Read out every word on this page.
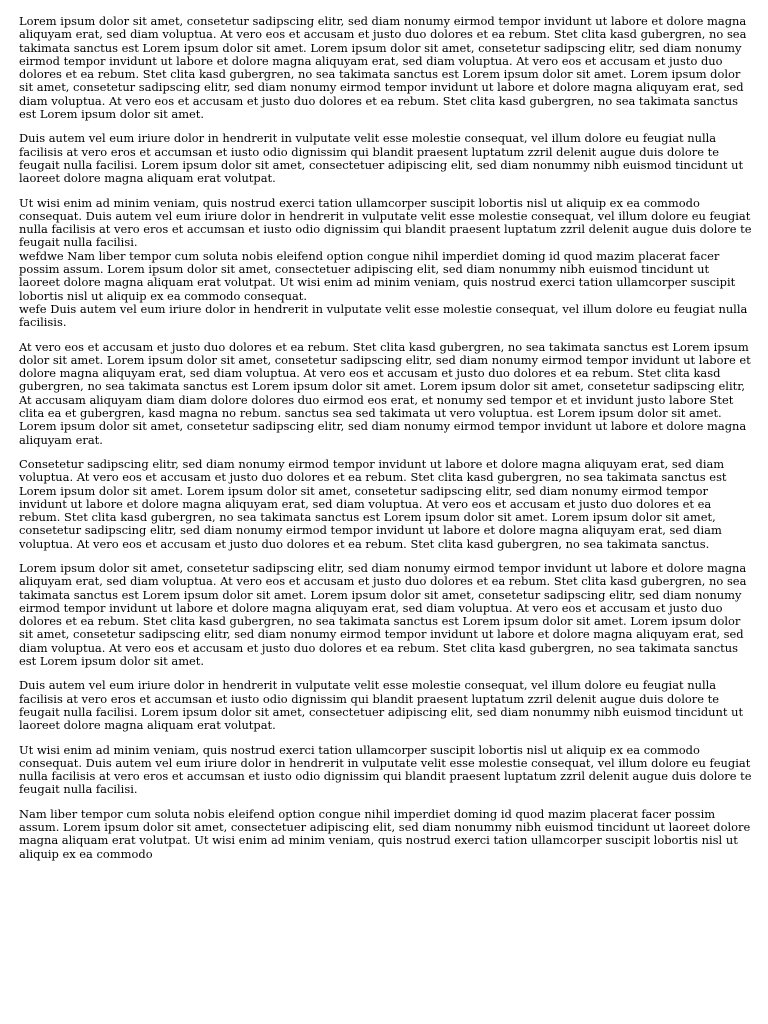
Lorem ipsum dolor sit amet, consetetur sadipscing elitr, sed diam nonumy eirmod tempor invidunt ut labore et dolore magna aliquyam erat, sed diam voluptua. At vero eos et accusam et justo duo dolores et ea rebum. Stet clita kasd gubergren, no sea takimata sanctus est Lorem ipsum dolor sit amet. Lorem ipsum dolor sit amet, consetetur sadipscing elitr, sed diam nonumy eirmod tempor invidunt ut labore et dolore magna aliquyam erat, sed diam voluptua. At vero eos et accusam et justo duo dolores et ea rebum. Stet clita kasd gubergren, no sea takimata sanctus est Lorem ipsum dolor sit amet. Lorem ipsum dolor sit amet, consetetur sadipscing elitr, sed diam nonumy eirmod tempor invidunt ut labore et dolore magna aliquyam erat, sed diam voluptua. At vero eos et accusam et justo duo dolores et ea rebum. Stet clita kasd gubergren, no sea takimata sanctus est Lorem ipsum dolor sit amet.

Duis autem vel eum iriure dolor in hendrerit in vulputate velit esse molestie consequat, vel illum dolore eu feugiat nulla facilisis at vero eros et accumsan et iusto odio dignissim qui blandit praesent luptatum zzril delenit augue duis dolore te feugait nulla facilisi. Lorem ipsum dolor sit amet, consectetuer adipiscing elit, sed diam nonummy nibh euismod tincidunt ut laoreet dolore magna aliquam erat volutpat.

Ut wisi enim ad minim veniam, quis nostrud exerci tation ullamcorper suscipit lobortis nisl ut aliquip ex ea commodo consequat. Duis autem vel eum iriure dolor in hendrerit in vulputate velit esse molestie consequat, vel illum dolore eu feugiat nulla facilisis at vero eros et accumsan et iusto odio dignissim qui blandit praesent luptatum zzril delenit augue duis dolore te feugait nulla facilisi.
wefdwe Nam liber tempor cum soluta nobis eleifend option congue nihil imperdiet doming id quod mazim placerat facer possim assum. Lorem ipsum dolor sit amet, consectetuer adipiscing elit, sed diam nonummy nibh euismod tincidunt ut laoreet dolore magna aliquam erat volutpat. Ut wisi enim ad minim veniam, quis nostrud exerci tation ullamcorper suscipit lobortis nisl ut aliquip ex ea commodo consequat.
wefe Duis autem vel eum iriure dolor in hendrerit in vulputate velit esse molestie consequat, vel illum dolore eu feugiat nulla facilisis.

At vero eos et accusam et justo duo dolores et ea rebum. Stet clita kasd gubergren, no sea takimata sanctus est Lorem ipsum dolor sit amet. Lorem ipsum dolor sit amet, consetetur sadipscing elitr, sed diam nonumy eirmod tempor invidunt ut labore et dolore magna aliquyam erat, sed diam voluptua. At vero eos et accusam et justo duo dolores et ea rebum. Stet clita kasd gubergren, no sea takimata sanctus est Lorem ipsum dolor sit amet. Lorem ipsum dolor sit amet, consetetur sadipscing elitr, At accusam aliquyam diam diam dolore dolores duo eirmod eos erat, et nonumy sed tempor et et invidunt justo labore Stet clita ea et gubergren, kasd magna no rebum. sanctus sea sed takimata ut vero voluptua. est Lorem ipsum dolor sit amet. Lorem ipsum dolor sit amet, consetetur sadipscing elitr, sed diam nonumy eirmod tempor invidunt ut labore et dolore magna aliquyam erat.

Consetetur sadipscing elitr, sed diam nonumy eirmod tempor invidunt ut labore et dolore magna aliquyam erat, sed diam voluptua. At vero eos et accusam et justo duo dolores et ea rebum. Stet clita kasd gubergren, no sea takimata sanctus est Lorem ipsum dolor sit amet. Lorem ipsum dolor sit amet, consetetur sadipscing elitr, sed diam nonumy eirmod tempor invidunt ut labore et dolore magna aliquyam erat, sed diam voluptua. At vero eos et accusam et justo duo dolores et ea rebum. Stet clita kasd gubergren, no sea takimata sanctus est Lorem ipsum dolor sit amet. Lorem ipsum dolor sit amet, consetetur sadipscing elitr, sed diam nonumy eirmod tempor invidunt ut labore et dolore magna aliquyam erat, sed diam voluptua. At vero eos et accusam et justo duo dolores et ea rebum. Stet clita kasd gubergren, no sea takimata sanctus.

Lorem ipsum dolor sit amet, consetetur sadipscing elitr, sed diam nonumy eirmod tempor invidunt ut labore et dolore magna aliquyam erat, sed diam voluptua. At vero eos et accusam et justo duo dolores et ea rebum. Stet clita kasd gubergren, no sea takimata sanctus est Lorem ipsum dolor sit amet. Lorem ipsum dolor sit amet, consetetur sadipscing elitr, sed diam nonumy eirmod tempor invidunt ut labore et dolore magna aliquyam erat, sed diam voluptua. At vero eos et accusam et justo duo dolores et ea rebum. Stet clita kasd gubergren, no sea takimata sanctus est Lorem ipsum dolor sit amet. Lorem ipsum dolor sit amet, consetetur sadipscing elitr, sed diam nonumy eirmod tempor invidunt ut labore et dolore magna aliquyam erat, sed diam voluptua. At vero eos et accusam et justo duo dolores et ea rebum. Stet clita kasd gubergren, no sea takimata sanctus est Lorem ipsum dolor sit amet.

Duis autem vel eum iriure dolor in hendrerit in vulputate velit esse molestie consequat, vel illum dolore eu feugiat nulla facilisis at vero eros et accumsan et iusto odio dignissim qui blandit praesent luptatum zzril delenit augue duis dolore te feugait nulla facilisi. Lorem ipsum dolor sit amet, consectetuer adipiscing elit, sed diam nonummy nibh euismod tincidunt ut laoreet dolore magna aliquam erat volutpat.

Ut wisi enim ad minim veniam, quis nostrud exerci tation ullamcorper suscipit lobortis nisl ut aliquip ex ea commodo consequat. Duis autem vel eum iriure dolor in hendrerit in vulputate velit esse molestie consequat, vel illum dolore eu feugiat nulla facilisis at vero eros et accumsan et iusto odio dignissim qui blandit praesent luptatum zzril delenit augue duis dolore te feugait nulla facilisi.

Nam liber tempor cum soluta nobis eleifend option congue nihil imperdiet doming id quod mazim placerat facer possim assum. Lorem ipsum dolor sit amet, consectetuer adipiscing elit, sed diam nonummy nibh euismod tincidunt ut laoreet dolore magna aliquam erat volutpat. Ut wisi enim ad minim veniam, quis nostrud exerci tation ullamcorper suscipit lobortis nisl ut aliquip ex ea commodo
